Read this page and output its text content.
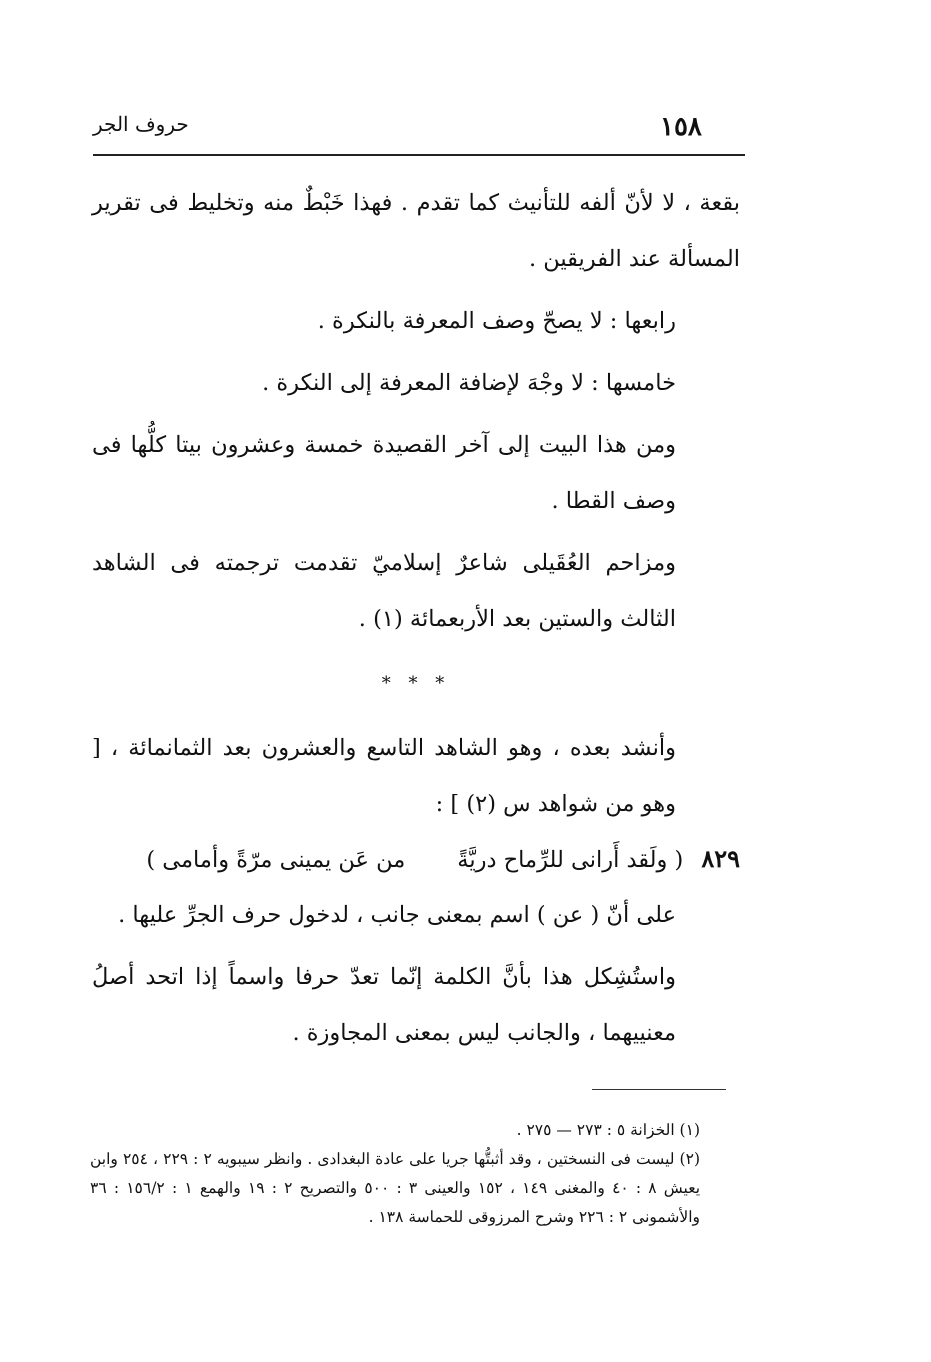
حروف الجر	١٥٨

بقعة ، لا لأنّ ألفه للتأنيث كما تقدم . فهذا خَبْطٌ منه وتخليط فى تقرير المسألة عند الفريقين .

رابعها : لا يصحّ وصف المعرفة بالنكرة .

خامسها : لا وجْهَ لإضافة المعرفة إلى النكرة .

ومن هذا البيت إلى آخر القصيدة خمسة وعشرون بيتا كلُّها فى وصف القطا .

ومزاحم العُقَيلى شاعرٌ إسلاميّ تقدمت ترجمته فى الشاهد الثالث والستين بعد الأربعمائة (١) .

* * *

وأنشد بعده ، وهو الشاهد التاسع والعشرون بعد الثمانمائة ، [ وهو من شواهد س (٢) ] :

٨٢٩
( ولَقد أَرانى للرِّماح دريَّةً
من عَن يمينى مرّةً وأمامى )

على أنّ ( عن ) اسم بمعنى جانب ، لدخول حرف الجرِّ عليها .

واستُشِكل هذا بأنَّ الكلمة إنّما تعدّ حرفا واسماً إذا اتحد أصلُ معنييهما ، والجانب ليس بمعنى المجاوزة .

(١) الخزانة ٥ : ٢٧٣ — ٢٧٥ .

(٢) ليست فى النسختين ، وقد أثبتُّها جريا على عادة البغدادى . وانظر سيبويه ٢ : ٢٢٩ ، ٢٥٤ وابن يعيش ٨ : ٤٠ والمغنى ١٤٩ ، ١٥٢ والعينى ٣ : ٥٠٠ والتصريح ٢ : ١٩ والهمع ١ : ١٥٦/٢ : ٣٦ والأشمونى ٢ : ٢٢٦ وشرح المرزوقى للحماسة ١٣٨ .
